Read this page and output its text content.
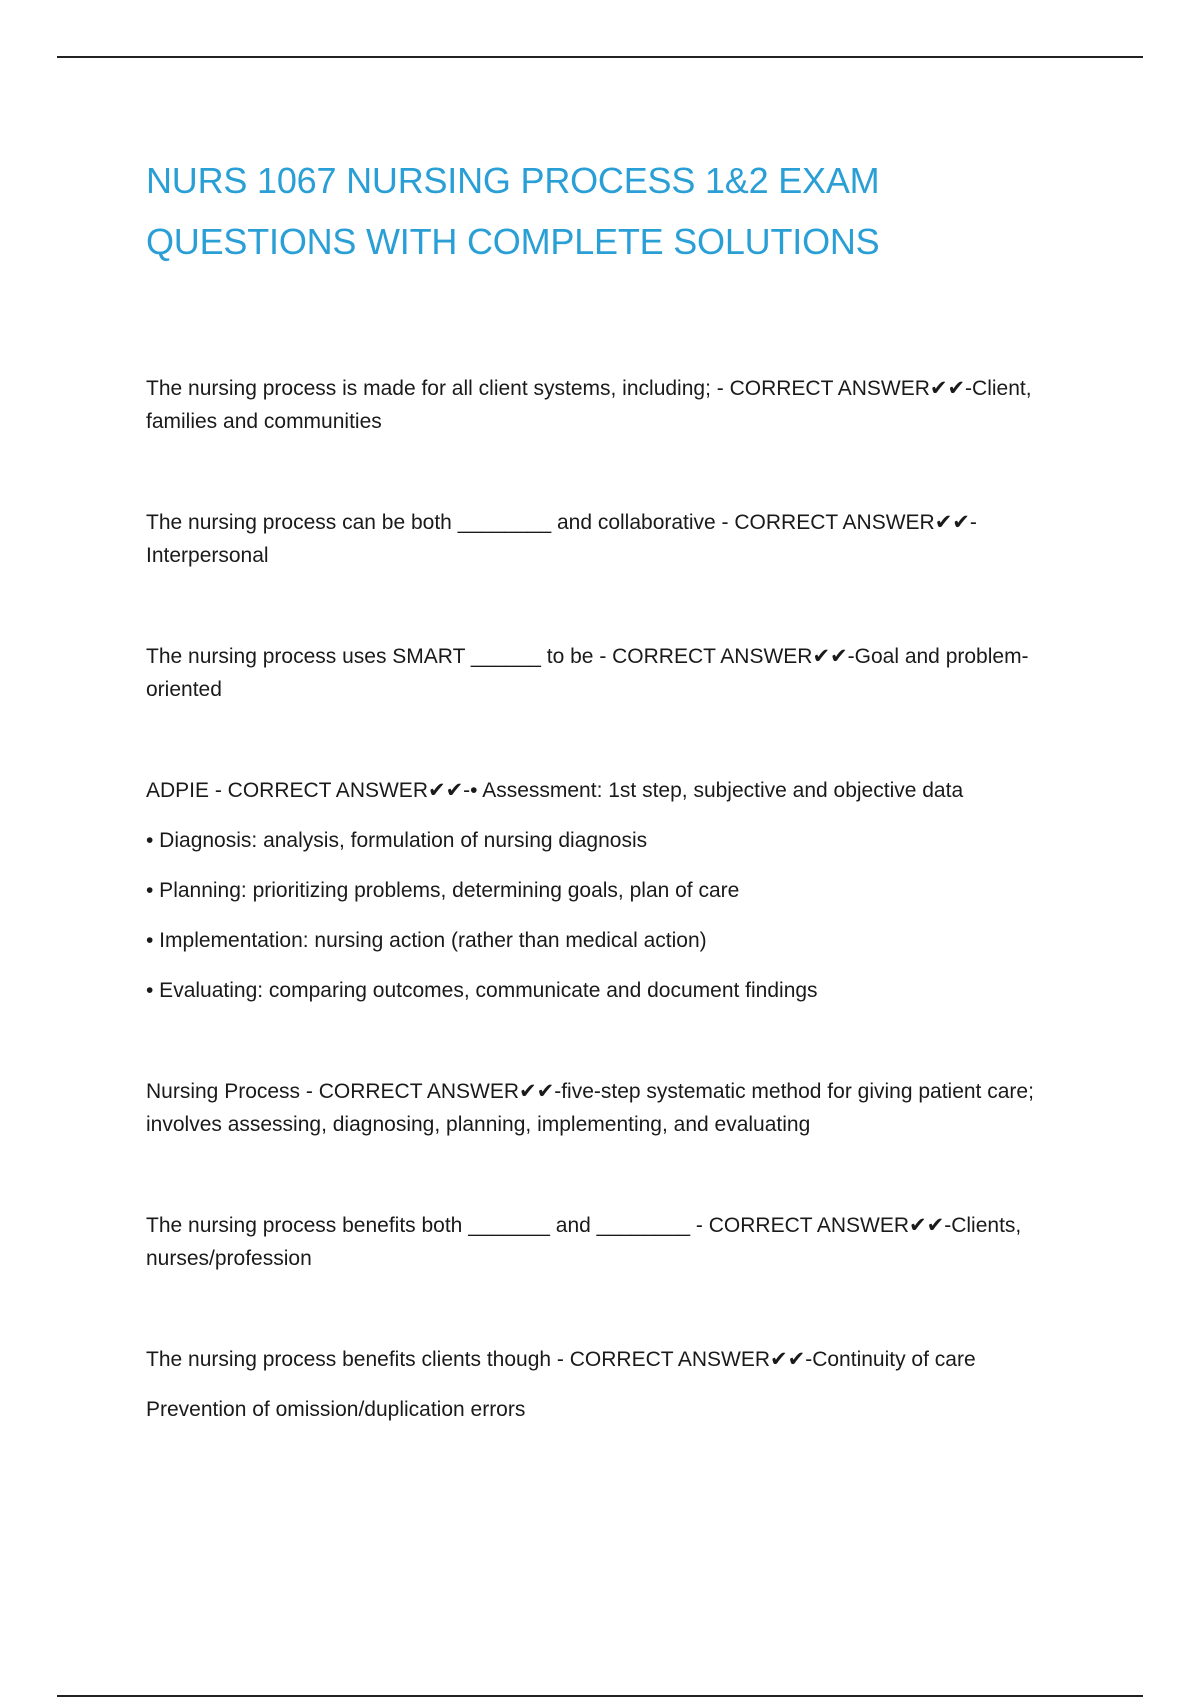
NURS 1067 NURSING PROCESS 1&2 EXAM
QUESTIONS WITH COMPLETE SOLUTIONS

The nursing process is made for all client systems, including; - CORRECT ANSWER✔✔-Client, families and communities

The nursing process can be both ________ and collaborative - CORRECT ANSWER✔✔-Interpersonal

The nursing process uses SMART ______ to be - CORRECT ANSWER✔✔-Goal and problem-oriented

ADPIE - CORRECT ANSWER✔✔-• Assessment: 1st step, subjective and objective data

• Diagnosis: analysis, formulation of nursing diagnosis

• Planning: prioritizing problems, determining goals, plan of care

• Implementation: nursing action (rather than medical action)

• Evaluating: comparing outcomes, communicate and document findings

Nursing Process - CORRECT ANSWER✔✔-five-step systematic method for giving patient care; involves assessing, diagnosing, planning, implementing, and evaluating

The nursing process benefits both _______ and ________ - CORRECT ANSWER✔✔-Clients, nurses/profession

The nursing process benefits clients though - CORRECT ANSWER✔✔-Continuity of care

Prevention of omission/duplication errors
